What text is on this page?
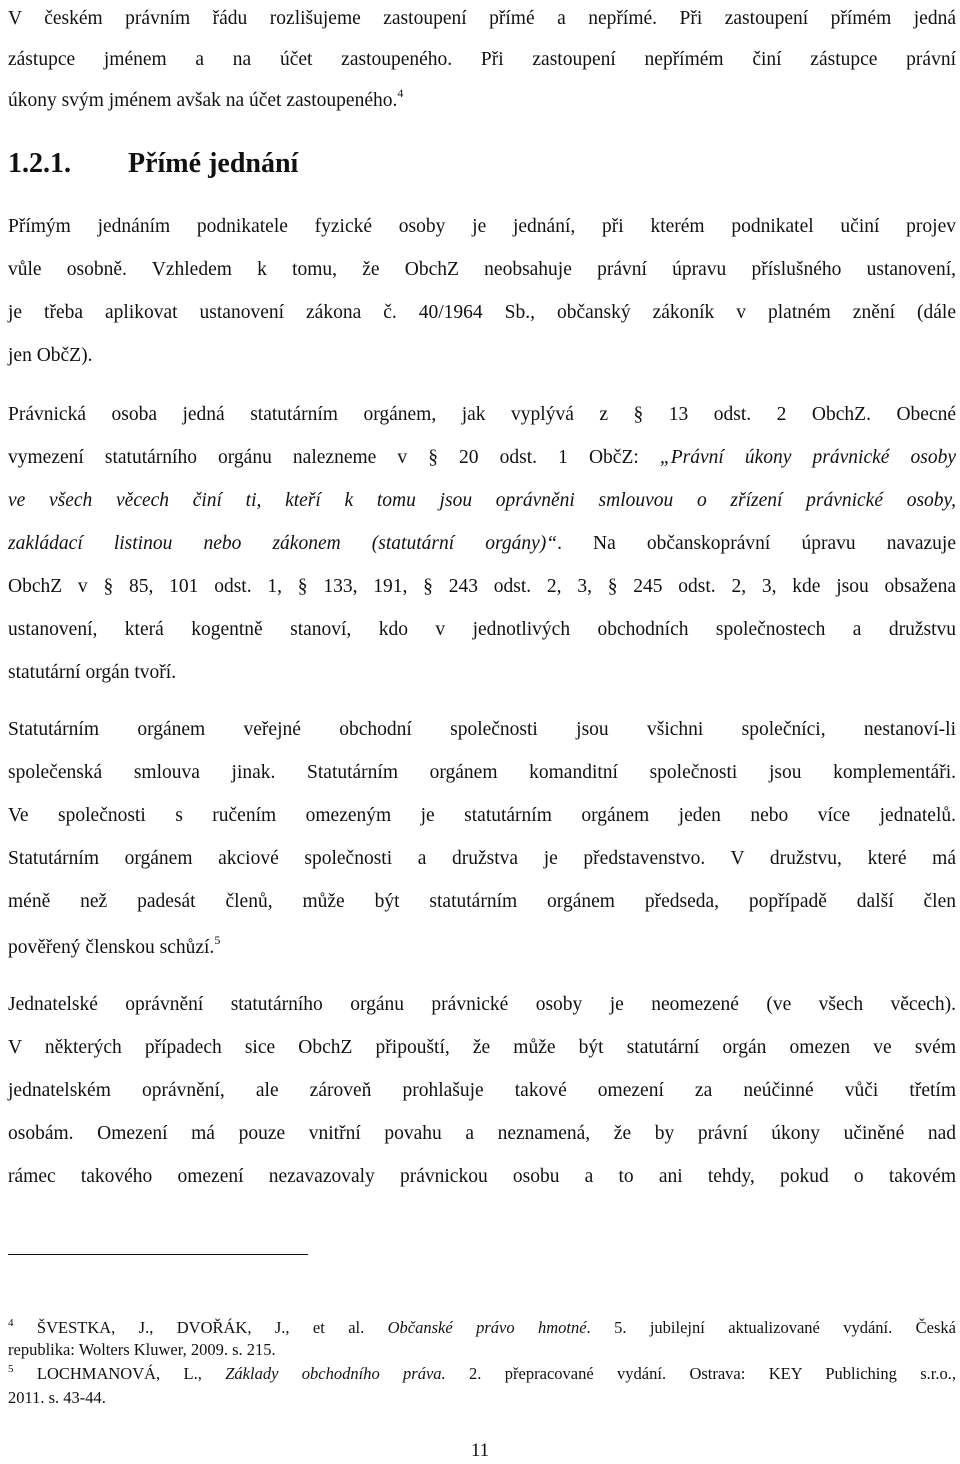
V českém právním řádu rozlišujeme zastoupení přímé a nepřímé. Při zastoupení přímém jedná
zástupce jménem a na účet zastoupeného. Při zastoupení nepřímém činí zástupce právní
úkony svým jménem avšak na účet zastoupeného.$^4$
1.2.1. Přímé jednání
Přímým jednáním podnikatele fyzické osoby je jednání, při kterém podnikatel učiní projev
vůle osobně. Vzhledem k tomu, že ObchZ neobsahuje právní úpravu příslušného ustanovení,
je třeba aplikovat ustanovení zákona č. 40/1964 Sb., občanský zákoník v platném znění (dále
jen ObčZ).
Právnická osoba jedná statutárním orgánem, jak vyplývá z § 13 odst. 2 ObchZ. Obecné
vymezení statutárního orgánu nalezneme v § 20 odst. 1 ObčZ: „Právní úkony právnické osoby
ve všech věcech činí ti, kteří k tomu jsou oprávněni smlouvou o zřízení právnické osoby,
zakládací listinou nebo zákonem (statutární orgány)“. Na občanskoprávní úpravu navazuje
ObchZ v § 85, 101 odst. 1, § 133, 191, § 243 odst. 2, 3, § 245 odst. 2, 3, kde jsou obsažena
ustanovení, která kogentně stanoví, kdo v jednotlivých obchodních společnostech a družstvu
statutární orgán tvoří.
Statutárním orgánem veřejné obchodní společnosti jsou všichni společníci, nestanoví-li
společenská smlouva jinak. Statutárním orgánem komanditní společnosti jsou komplementáři.
Ve společnosti s ručením omezeným je statutárním orgánem jeden nebo více jednatelů.
Statutárním orgánem akciové společnosti a družstva je představenstvo. V družstvu, které má
méně než padesát členů, může být statutárním orgánem předseda, popřípadě další člen
pověřený členskou schůzí.$^5$
Jednatelské oprávnění statutárního orgánu právnické osoby je neomezené (ve všech věcech).
V některých případech sice ObchZ připouští, že může být statutární orgán omezen ve svém
jednatelském oprávnění, ale zároveň prohlašuje takové omezení za neúčinné vůči třetím
osobám. Omezení má pouze vnitřní povahu a neznamená, že by právní úkony učiněné nad
rámec takového omezení nezavazovaly právnickou osobu a to ani tehdy, pokud o takovém
$^4$ ŠVESTKA, J., DVOŘÁK, J., et al. Občanské právo hmotné. 5. jubilejní aktualizované vydání. Česká
republika: Wolters Kluwer, 2009. s. 215.
$^5$ LOCHMANOVÁ, L., Základy obchodního práva. 2. přepracované vydání. Ostrava: KEY Publiching s.r.o.,
2011. s. 43-44.
11
